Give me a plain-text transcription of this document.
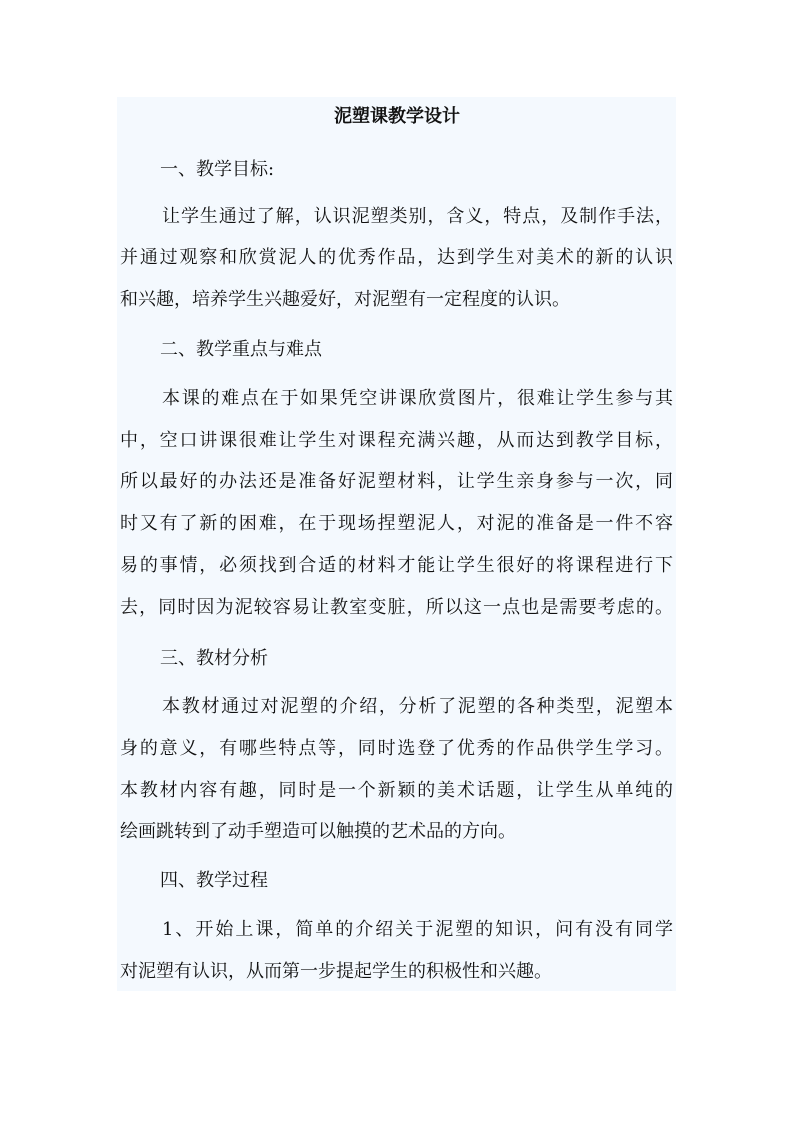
泥塑课教学设计
一、教学目标:
让学生通过了解，认识泥塑类别，含义，特点，及制作手法，
并通过观察和欣赏泥人的优秀作品，达到学生对美术的新的认识
和兴趣，培养学生兴趣爱好，对泥塑有一定程度的认识。
二、教学重点与难点
本课的难点在于如果凭空讲课欣赏图片，很难让学生参与其
中，空口讲课很难让学生对课程充满兴趣，从而达到教学目标，
所以最好的办法还是准备好泥塑材料，让学生亲身参与一次，同
时又有了新的困难，在于现场捏塑泥人，对泥的准备是一件不容
易的事情，必须找到合适的材料才能让学生很好的将课程进行下
去，同时因为泥较容易让教室变脏，所以这一点也是需要考虑的。
三、教材分析
本教材通过对泥塑的介绍，分析了泥塑的各种类型，泥塑本
身的意义，有哪些特点等，同时选登了优秀的作品供学生学习。
本教材内容有趣，同时是一个新颖的美术话题，让学生从单纯的
绘画跳转到了动手塑造可以触摸的艺术品的方向。
四、教学过程
1、开始上课，简单的介绍关于泥塑的知识，问有没有同学
对泥塑有认识，从而第一步提起学生的积极性和兴趣。
